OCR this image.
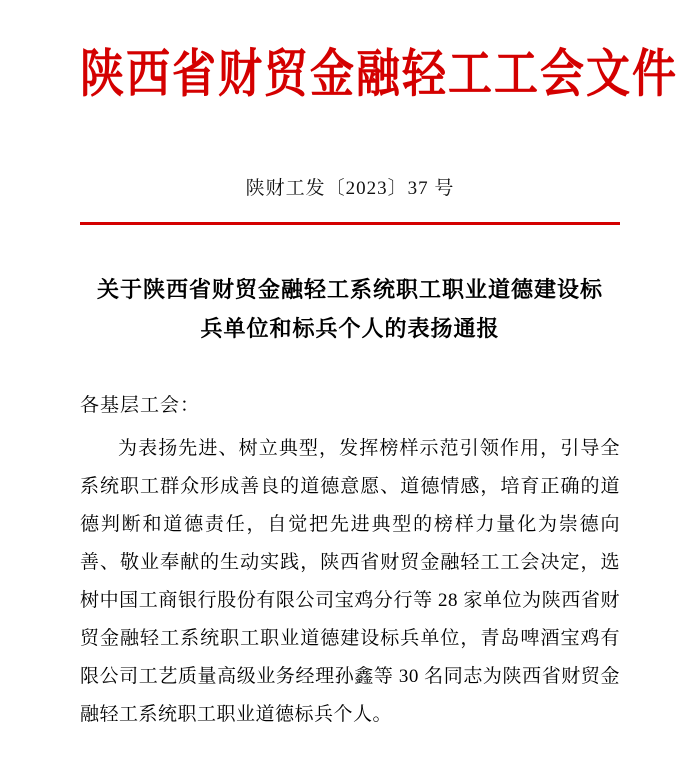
陕西省财贸金融轻工工会文件
陕财工发〔2023〕37 号
关于陕西省财贸金融轻工系统职工职业道德建设标兵单位和标兵个人的表扬通报
各基层工会：
为表扬先进、树立典型，发挥榜样示范引领作用，引导全系统职工群众形成善良的道德意愿、道德情感，培育正确的道德判断和道德责任，自觉把先进典型的榜样力量化为崇德向善、敬业奉献的生动实践，陕西省财贸金融轻工工会决定，选树中国工商银行股份有限公司宝鸡分行等 28 家单位为陕西省财贸金融轻工系统职工职业道德建设标兵单位，青岛啤酒宝鸡有限公司工艺质量高级业务经理孙鑫等 30 名同志为陕西省财贸金融轻工系统职工职业道德标兵个人。
